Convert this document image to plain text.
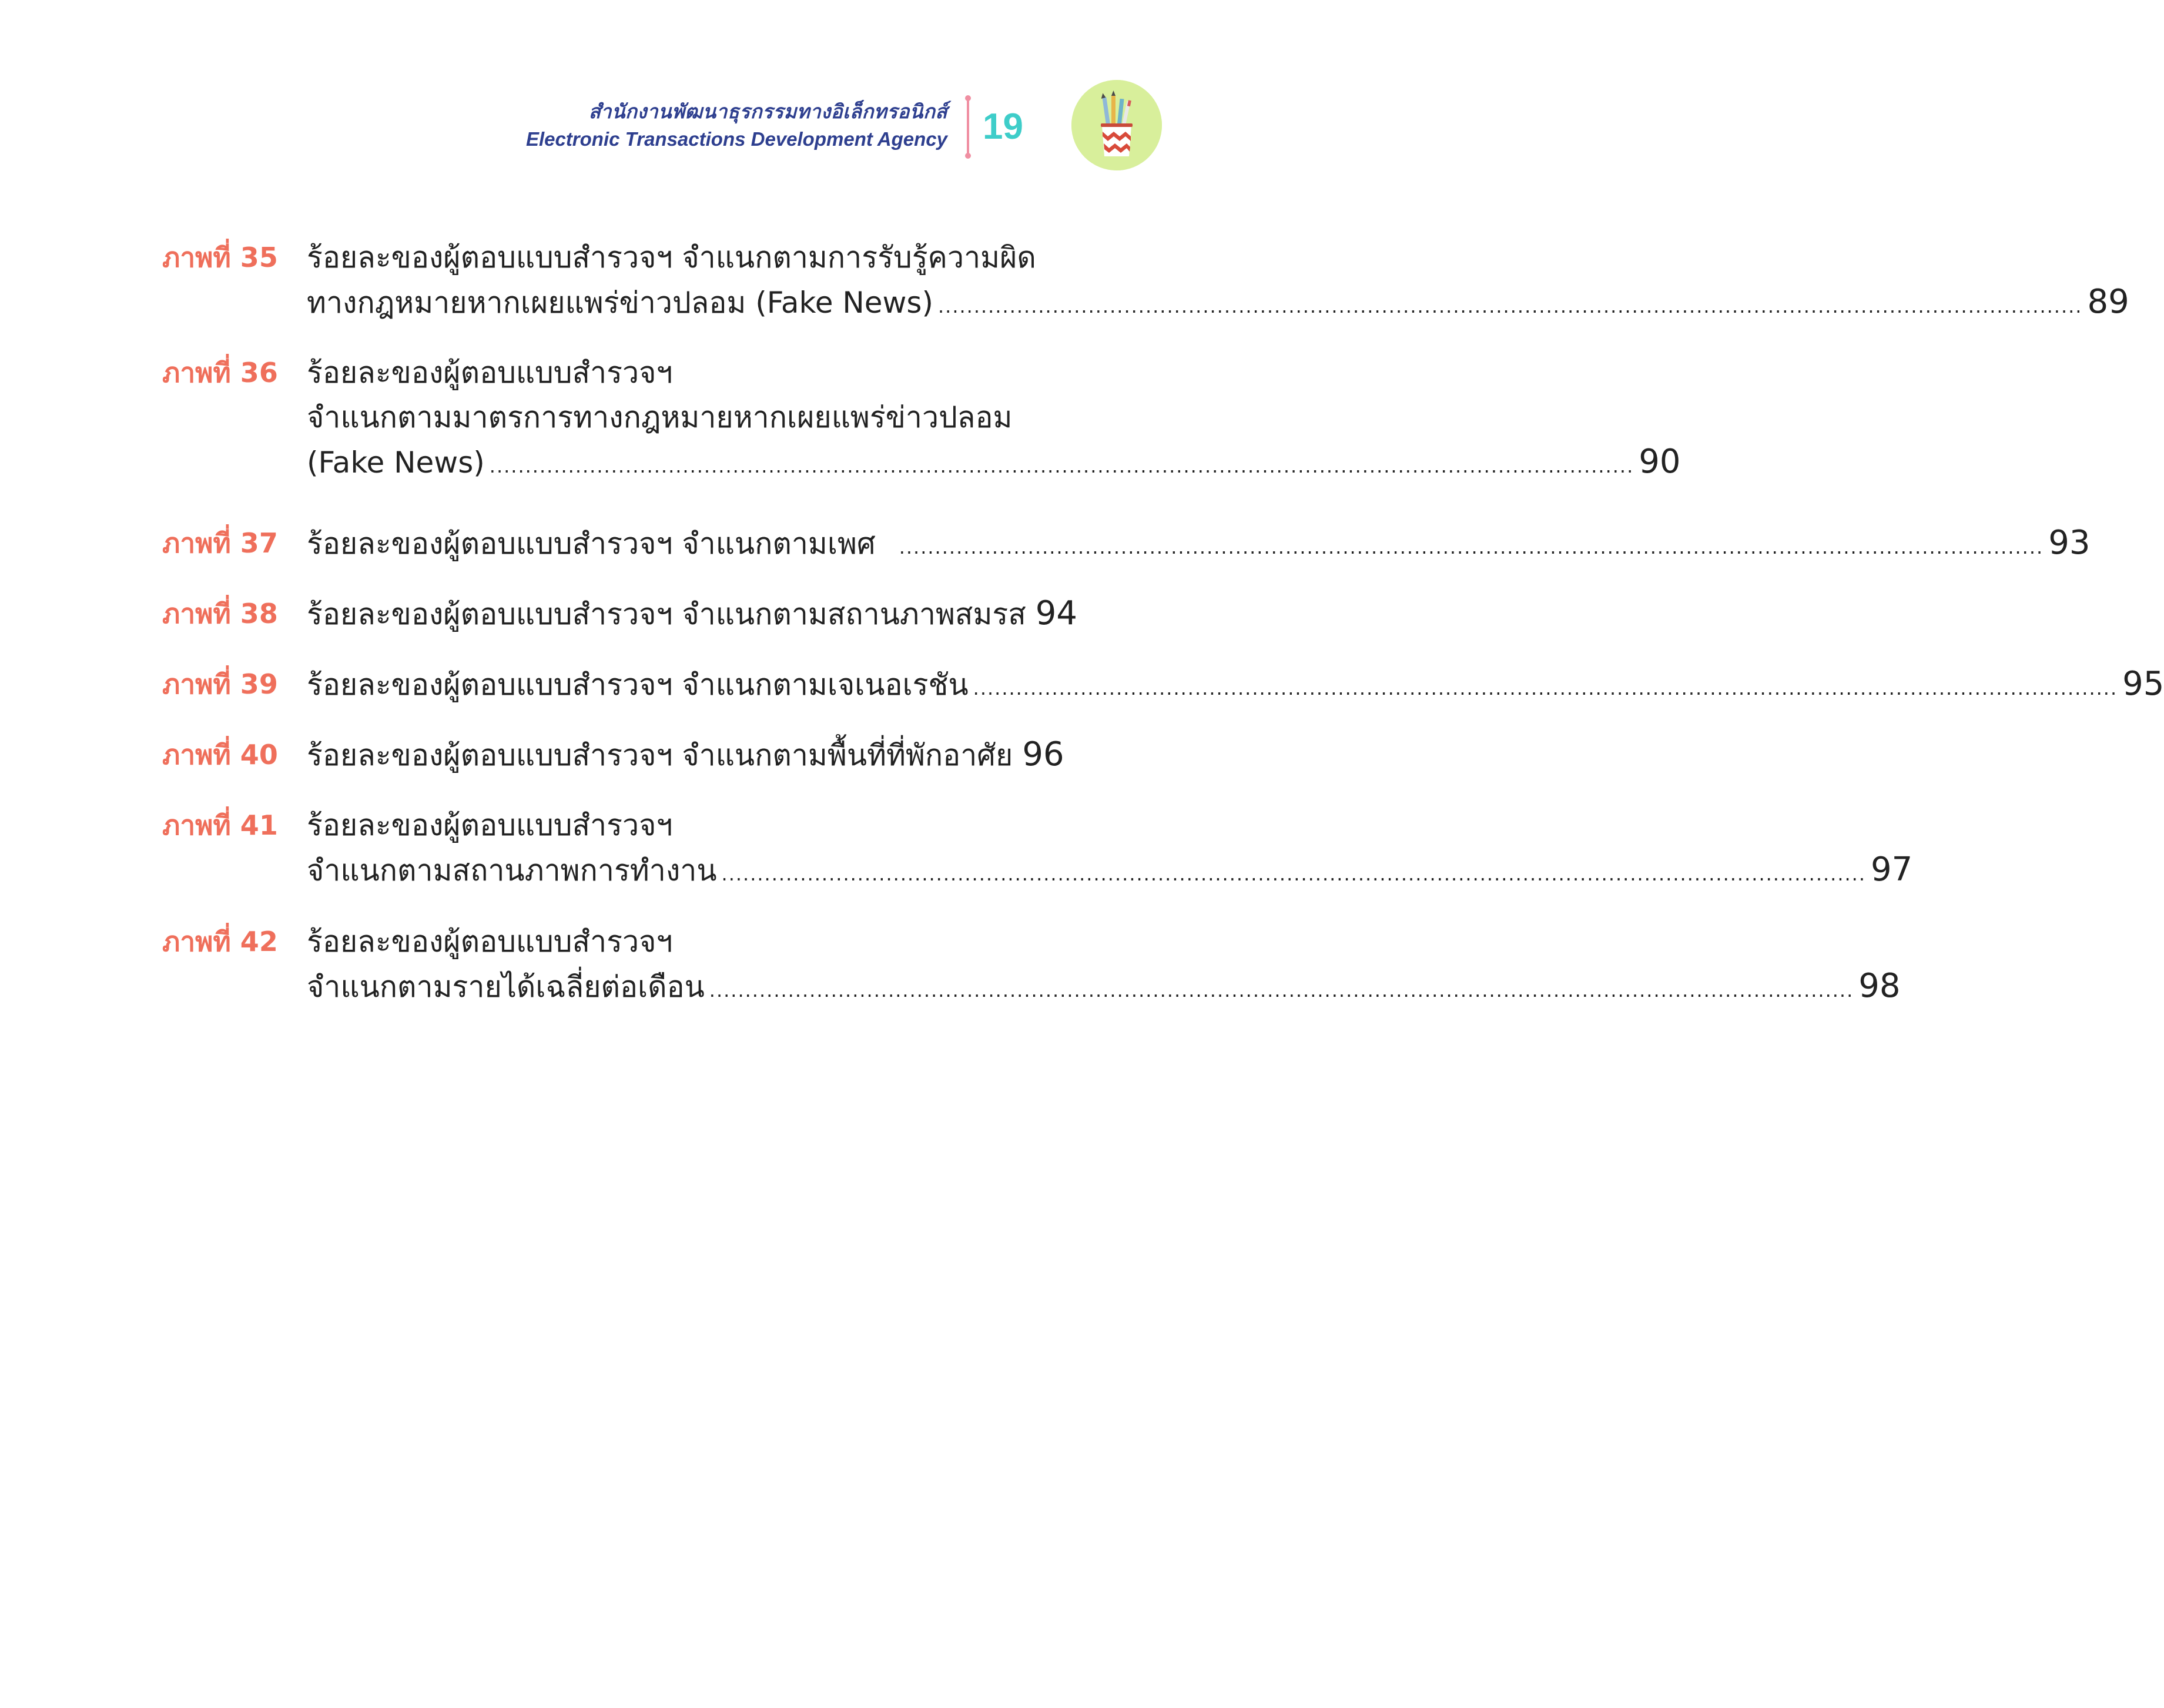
สำนักงานพัฒนาธุรกรรมทางอิเล็กทรอนิกส์
Electronic Transactions Development Agency 19
ภาพที่ 35 ร้อยละของผู้ตอบแบบสำรวจฯ จำแนกตามการรับรู้ความผิด
ทางกฎหมายหากเผยแพร่ข่าวปลอม (Fake News) ................................................................................................................................................................ 89
ภาพที่ 36 ร้อยละของผู้ตอบแบบสำรวจฯ
จำแนกตามมาตรการทางกฎหมายหากเผยแพร่ข่าวปลอม
(Fake News) ................................................................................................................................................................ 90
ภาพที่ 37 ร้อยละของผู้ตอบแบบสำรวจฯ จำแนกตามเพศ ................................................................................................................................................................ 93
ภาพที่ 38 ร้อยละของผู้ตอบแบบสำรวจฯ จำแนกตามสถานภาพสมรส 94
ภาพที่ 39 ร้อยละของผู้ตอบแบบสำรวจฯ จำแนกตามเจเนอเรชัน ................................................................................................................................................................ 95
ภาพที่ 40 ร้อยละของผู้ตอบแบบสำรวจฯ จำแนกตามพื้นที่ที่พักอาศัย 96
ภาพที่ 41 ร้อยละของผู้ตอบแบบสำรวจฯ
จำแนกตามสถานภาพการทำงาน ................................................................................................................................................................ 97
ภาพที่ 42 ร้อยละของผู้ตอบแบบสำรวจฯ
จำแนกตามรายได้เฉลี่ยต่อเดือน ................................................................................................................................................................ 98
